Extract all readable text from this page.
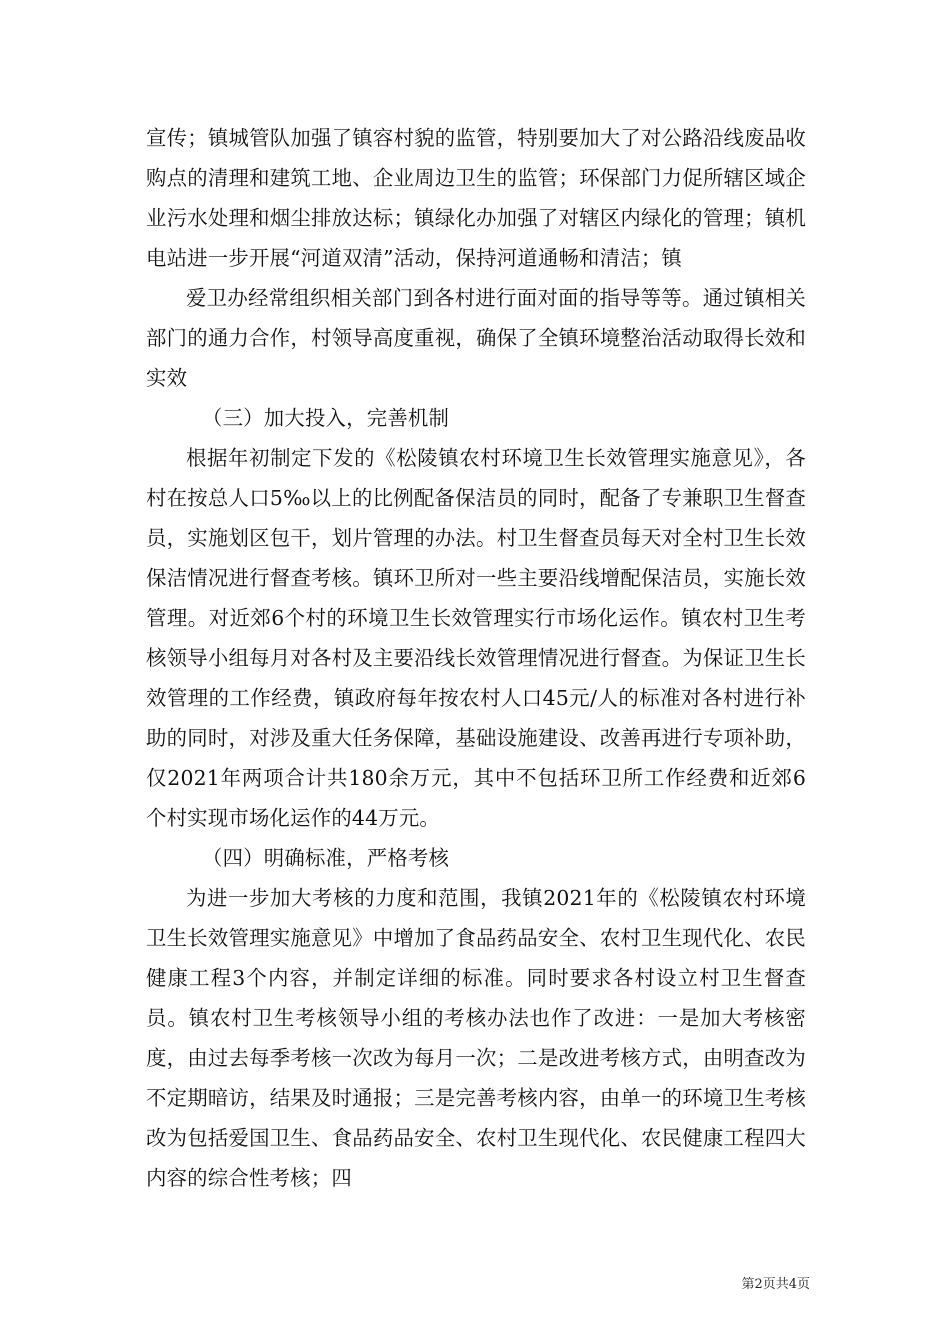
宣传；镇城管队加强了镇容村貌的监管，特别要加大了对公路沿线废品收购点的清理和建筑工地、企业周边卫生的监管；环保部门力促所辖区域企业污水处理和烟尘排放达标；镇绿化办加强了对辖区内绿化的管理；镇机电站进一步开展“河道双清”活动，保持河道通畅和清洁；镇

爱卫办经常组织相关部门到各村进行面对面的指导等等。通过镇相关部门的通力合作，村领导高度重视，确保了全镇环境整治活动取得长效和实效

（三）加大投入，完善机制

根据年初制定下发的《松陵镇农村环境卫生长效管理实施意见》，各村在按总人口5‰以上的比例配备保洁员的同时，配备了专兼职卫生督查员，实施划区包干，划片管理的办法。村卫生督查员每天对全村卫生长效保洁情况进行督查考核。镇环卫所对一些主要沿线增配保洁员，实施长效管理。对近郊6个村的环境卫生长效管理实行市场化运作。镇农村卫生考核领导小组每月对各村及主要沿线长效管理情况进行督查。为保证卫生长效管理的工作经费，镇政府每年按农村人口45元/人的标准对各村进行补助的同时，对涉及重大任务保障，基础设施建设、改善再进行专项补助，仅2021年两项合计共180余万元，其中不包括环卫所工作经费和近郊6个村实现市场化运作的44万元。

（四）明确标准，严格考核

为进一步加大考核的力度和范围，我镇2021年的《松陵镇农村环境卫生长效管理实施意见》中增加了食品药品安全、农村卫生现代化、农民健康工程3个内容，并制定详细的标准。同时要求各村设立村卫生督查员。镇农村卫生考核领导小组的考核办法也作了改进：一是加大考核密度，由过去每季考核一次改为每月一次；二是改进考核方式，由明查改为不定期暗访，结果及时通报；三是完善考核内容，由单一的环境卫生考核改为包括爱国卫生、食品药品安全、农村卫生现代化、农民健康工程四大内容的综合性考核；四

第2页共4页
